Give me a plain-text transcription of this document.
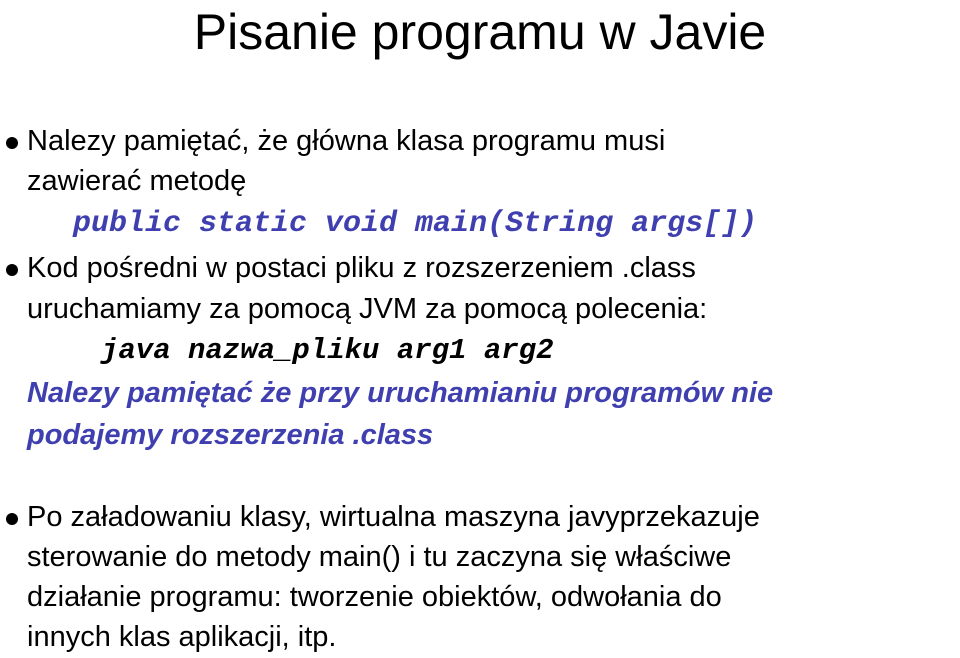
Pisanie programu w Javie
Nalezy pamiętać, że główna klasa programu musi
zawierać metodę
public static void main(String args[])
Kod pośredni w postaci pliku z rozszerzeniem .class
uruchamiamy za pomocą JVM za pomocą polecenia:
java nazwa_pliku arg1 arg2
Nalezy pamiętać że przy uruchamianiu programów nie
podajemy rozszerzenia .class
Po załadowaniu klasy, wirtualna maszyna javyprzekazuje
sterowanie do metody main() i tu zaczyna się właściwe
działanie programu: tworzenie obiektów, odwołania do
innych klas aplikacji, itp.
